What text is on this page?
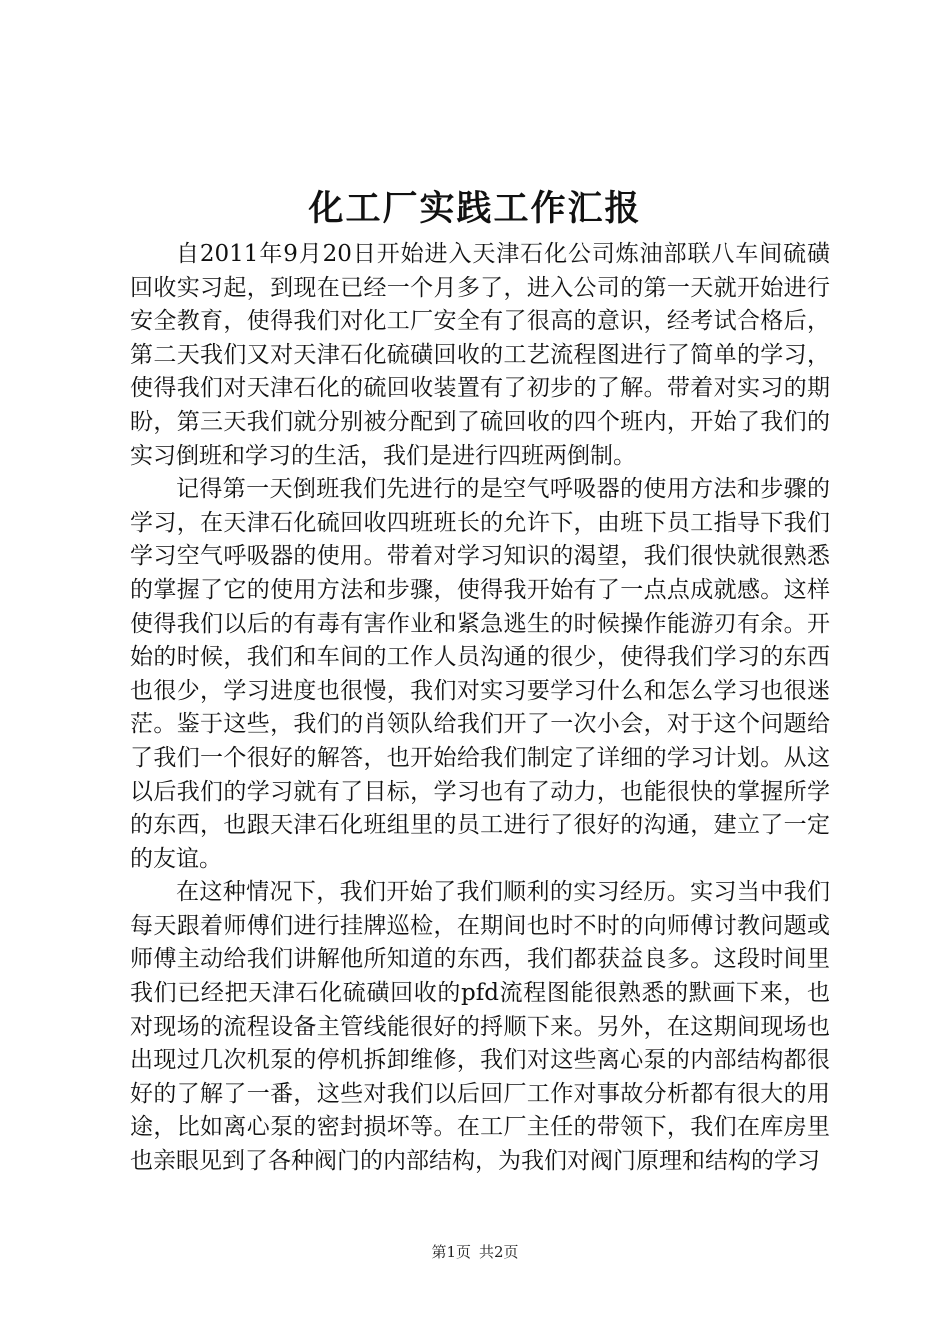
化工厂实践工作汇报

自2011年9月20日开始进入天津石化公司炼油部联八车间硫磺回收实习起，到现在已经一个月多了，进入公司的第一天就开始进行安全教育，使得我们对化工厂安全有了很高的意识，经考试合格后，第二天我们又对天津石化硫磺回收的工艺流程图进行了简单的学习，使得我们对天津石化的硫回收装置有了初步的了解。带着对实习的期盼，第三天我们就分别被分配到了硫回收的四个班内，开始了我们的实习倒班和学习的生活，我们是进行四班两倒制。

记得第一天倒班我们先进行的是空气呼吸器的使用方法和步骤的学习，在天津石化硫回收四班班长的允许下，由班下员工指导下我们学习空气呼吸器的使用。带着对学习知识的渴望，我们很快就很熟悉的掌握了它的使用方法和步骤，使得我开始有了一点点成就感。这样使得我们以后的有毒有害作业和紧急逃生的时候操作能游刃有余。开始的时候，我们和车间的工作人员沟通的很少，使得我们学习的东西也很少，学习进度也很慢，我们对实习要学习什么和怎么学习也很迷茫。鉴于这些，我们的肖领队给我们开了一次小会，对于这个问题给了我们一个很好的解答，也开始给我们制定了详细的学习计划。从这以后我们的学习就有了目标，学习也有了动力，也能很快的掌握所学的东西，也跟天津石化班组里的员工进行了很好的沟通，建立了一定的友谊。

在这种情况下，我们开始了我们顺利的实习经历。实习当中我们每天跟着师傅们进行挂牌巡检，在期间也时不时的向师傅讨教问题或师傅主动给我们讲解他所知道的东西，我们都获益良多。这段时间里我们已经把天津石化硫磺回收的pfd流程图能很熟悉的默画下来，也对现场的流程设备主管线能很好的捋顺下来。另外，在这期间现场也出现过几次机泵的停机拆卸维修，我们对这些离心泵的内部结构都很好的了解了一番，这些对我们以后回厂工作对事故分析都有很大的用途，比如离心泵的密封损坏等。在工厂主任的带领下，我们在库房里也亲眼见到了各种阀门的内部结构，为我们对阀门原理和结构的学习

第1页 共2页
